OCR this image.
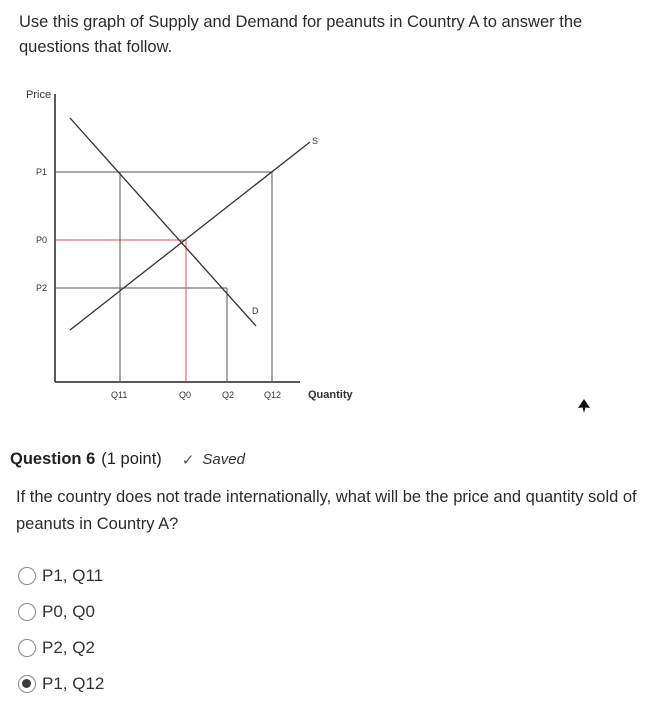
Use this graph of Supply and Demand for peanuts in Country A to answer the questions that follow.
Price
P1
P0
P2
S
D
Q11	Q0	Q2	Q12 Quantity
Question 6 (1 point) ✓ Saved
If the country does not trade internationally, what will be the price and quantity sold of peanuts in Country A?
P1, Q11
P0, Q0
P2, Q2
P1, Q12
